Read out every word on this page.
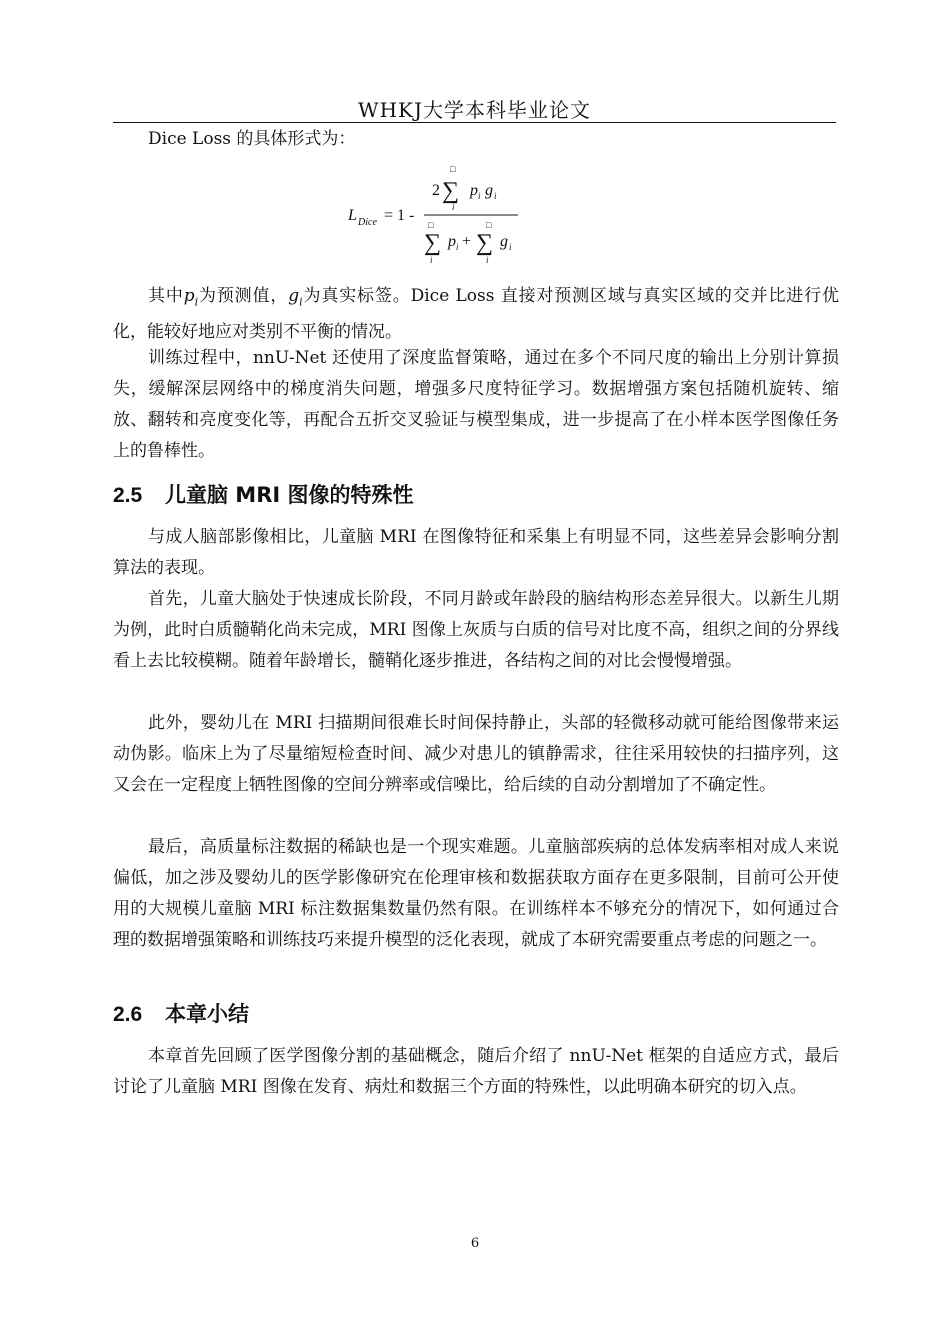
WHKJ大学本科毕业论文

Dice Loss 的具体形式为：

L Dice = 1 -
□
2 ∑
i
p i g i
□
∑
i
p i +
□
∑
i
g i

其中$p_i$为预测值，$g_i$为真实标签。Dice Loss 直接对预测区域与真实区域的交并比进行优化，能较好地应对类别不平衡的情况。

训练过程中，nnU-Net 还使用了深度监督策略，通过在多个不同尺度的输出上分别计算损失，缓解深层网络中的梯度消失问题，增强多尺度特征学习。数据增强方案包括随机旋转、缩放、翻转和亮度变化等，再配合五折交叉验证与模型集成，进一步提高了在小样本医学图像任务上的鲁棒性。

2.5 儿童脑 MRI 图像的特殊性

与成人脑部影像相比，儿童脑 MRI 在图像特征和采集上有明显不同，这些差异会影响分割算法的表现。

首先，儿童大脑处于快速成长阶段，不同月龄或年龄段的脑结构形态差异很大。以新生儿期为例，此时白质髓鞘化尚未完成，MRI 图像上灰质与白质的信号对比度不高，组织之间的分界线看上去比较模糊。随着年龄增长，髓鞘化逐步推进，各结构之间的对比会慢慢增强。

此外，婴幼儿在 MRI 扫描期间很难长时间保持静止，头部的轻微移动就可能给图像带来运动伪影。临床上为了尽量缩短检查时间、减少对患儿的镇静需求，往往采用较快的扫描序列，这又会在一定程度上牺牲图像的空间分辨率或信噪比，给后续的自动分割增加了不确定性。

最后，高质量标注数据的稀缺也是一个现实难题。儿童脑部疾病的总体发病率相对成人来说偏低，加之涉及婴幼儿的医学影像研究在伦理审核和数据获取方面存在更多限制，目前可公开使用的大规模儿童脑 MRI 标注数据集数量仍然有限。在训练样本不够充分的情况下，如何通过合理的数据增强策略和训练技巧来提升模型的泛化表现，就成了本研究需要重点考虑的问题之一。

2.6 本章小结

本章首先回顾了医学图像分割的基础概念，随后介绍了 nnU-Net 框架的自适应方式，最后讨论了儿童脑 MRI 图像在发育、病灶和数据三个方面的特殊性，以此明确本研究的切入点。

6
